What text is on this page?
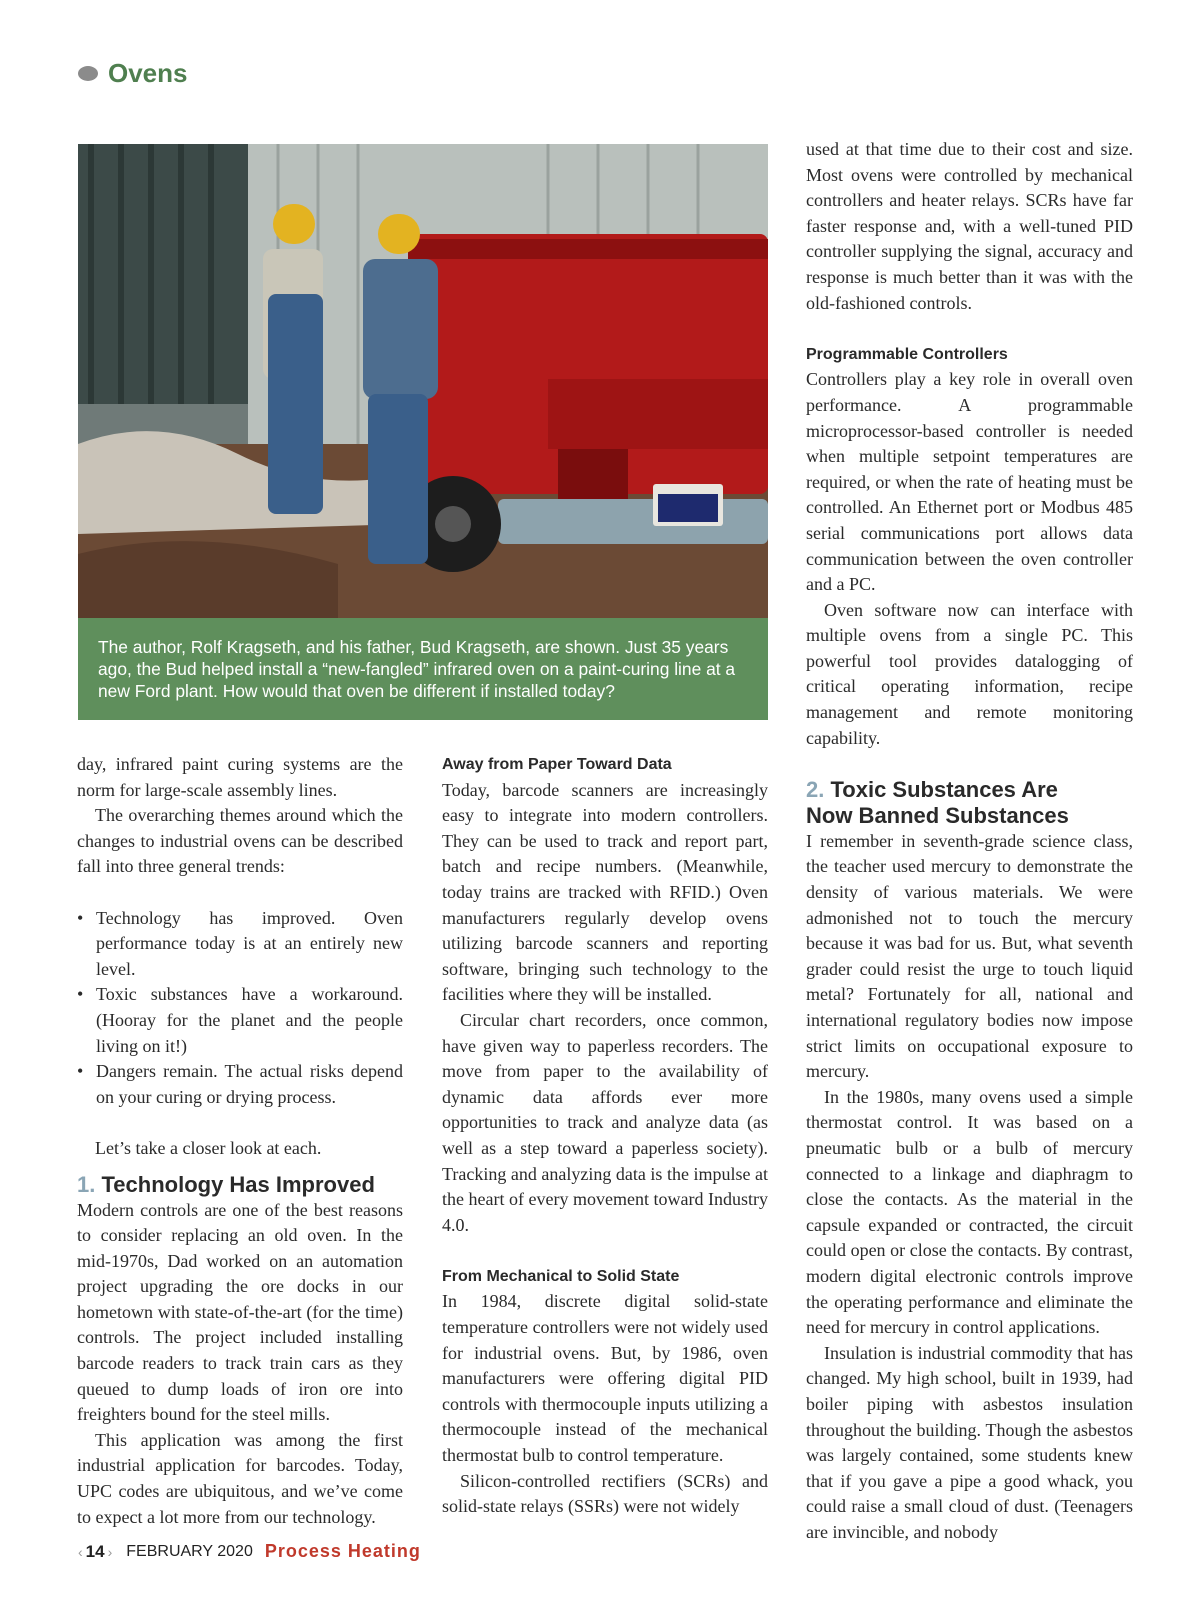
Ovens
The author, Rolf Kragseth, and his father, Bud Kragseth, are shown. Just 35 years ago, the Bud helped install a “new-fangled” infrared oven on a paint-curing line at a new Ford plant. How would that oven be different if installed today?

day, infrared paint curing systems are the norm for large-scale assembly lines.

The overarching themes around which the changes to industrial ovens can be described fall into three general trends:

• Technology has improved. Oven performance today is at an entirely new level.
• Toxic substances have a workaround. (Hooray for the planet and the people living on it!)
• Dangers remain. The actual risks depend on your curing or drying process.

Let’s take a closer look at each.

1. Technology Has Improved

Modern controls are one of the best reasons to consider replacing an old oven. In the mid-1970s, Dad worked on an automation project upgrading the ore docks in our hometown with state-of-the-art (for the time) controls. The project included installing barcode readers to track train cars as they queued to dump loads of iron ore into freighters bound for the steel mills.

This application was among the first industrial application for barcodes. Today, UPC codes are ubiquitous, and we’ve come to expect a lot more from our technology.

Away from Paper Toward Data

Today, barcode scanners are increasingly easy to integrate into modern controllers. They can be used to track and report part, batch and recipe numbers. (Meanwhile, today trains are tracked with RFID.) Oven manufacturers regularly develop ovens utilizing barcode scanners and reporting software, bringing such technology to the facilities where they will be installed.

Circular chart recorders, once common, have given way to paperless recorders. The move from paper to the availability of dynamic data affords ever more opportunities to track and analyze data (as well as a step toward a paperless society). Tracking and analyzing data is the impulse at the heart of every movement toward Industry 4.0.

From Mechanical to Solid State

In 1984, discrete digital solid-state temperature controllers were not widely used for industrial ovens. But, by 1986, oven manufacturers were offering digital PID controls with thermocouple inputs utilizing a thermocouple instead of the mechanical thermostat bulb to control temperature.

Silicon-controlled rectifiers (SCRs) and solid-state relays (SSRs) were not widely

used at that time due to their cost and size. Most ovens were controlled by mechanical controllers and heater relays. SCRs have far faster response and, with a well-tuned PID controller supplying the signal, accuracy and response is much better than it was with the old-fashioned controls.

Programmable Controllers

Controllers play a key role in overall oven performance. A programmable microprocessor-based controller is needed when multiple setpoint temperatures are required, or when the rate of heating must be controlled. An Ethernet port or Modbus 485 serial communications port allows data communication between the oven controller and a PC.

Oven software now can interface with multiple ovens from a single PC. This powerful tool provides datalogging of critical operating information, recipe management and remote monitoring capability.

2. Toxic Substances Are
Now Banned Substances

I remember in seventh-grade science class, the teacher used mercury to demonstrate the density of various materials. We were admonished not to touch the mercury because it was bad for us. But, what seventh grader could resist the urge to touch liquid metal? Fortunately for all, national and international regulatory bodies now impose strict limits on occupational exposure to mercury.

In the 1980s, many ovens used a simple thermostat control. It was based on a pneumatic bulb or a bulb of mercury connected to a linkage and diaphragm to close the contacts. As the material in the capsule expanded or contracted, the circuit could open or close the contacts. By contrast, modern digital electronic controls improve the operating performance and eliminate the need for mercury in control applications.

Insulation is industrial commodity that has changed. My high school, built in 1939, had boiler piping with asbestos insulation throughout the building. Though the asbestos was largely contained, some students knew that if you gave a pipe a good whack, you could raise a small cloud of dust. (Teenagers are invincible, and nobody

‹ 14 › FEBRUARY 2020 Process Heating
